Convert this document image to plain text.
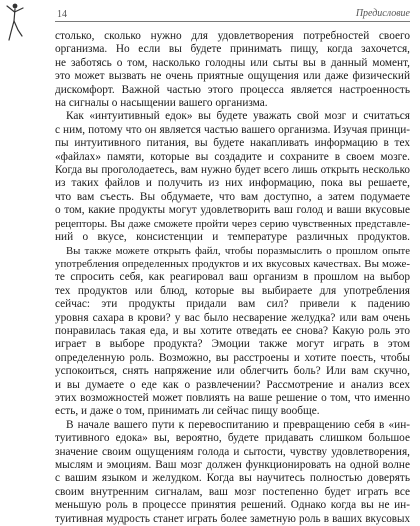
14	Предисловие

столько, сколько нужно для удовлетворения потребностей своего
организма. Но если вы будете принимать пищу, когда захочется,
не заботясь о том, насколько голодны или сыты вы в данный момент,
это может вызвать не очень приятные ощущения или даже физический
дискомфорт. Важной частью этого процесса является настроенность
на сигналы о насыщении вашего организма.

Как «интуитивный едок» вы будете уважать свой мозг и считаться
с ним, потому что он является частью вашего организма. Изучая принци-
пы интуитивного питания, вы будете накапливать информацию в тех
«файлах» памяти, которые вы создадите и сохраните в своем мозге.
Когда вы проголодаетесь, вам нужно будет всего лишь открыть несколько
из таких файлов и получить из них информацию, пока вы решаете,
что вам съесть. Вы обдумаете, что вам доступно, а затем подумаете
о том, какие продукты могут удовлетворить ваш голод и ваши вкусовые
рецепторы. Вы даже сможете пройти через серию чувственных представле-
ний о вкусе, консистенции и температуре различных продуктов.
Вы также можете открыть файл, чтобы поразмыслить о прошлом опыте
употребления определенных продуктов и их вкусовых качествах. Вы може-
те спросить себя, как реагировал ваш организм в прошлом на выбор
тех продуктов или блюд, которые вы выбираете для употребления
сейчас: эти продукты придали вам сил? привели к падению
уровня сахара в крови? у вас было несварение желудка? или вам очень
понравилась такая еда, и вы хотите отведать ее снова? Какую роль это
играет в выборе продукта? Эмоции также могут играть в этом
определенную роль. Возможно, вы расстроены и хотите поесть, чтобы
успокоиться, снять напряжение или облегчить боль? Или вам скучно,
и вы думаете о еде как о развлечении? Рассмотрение и анализ всех
этих возможностей может повлиять на ваше решение о том, что именно
есть, и даже о том, принимать ли сейчас пищу вообще.

В начале вашего пути к перевоспитанию и превращению себя в «ин-
туитивного едока» вы, вероятно, будете придавать слишком большое
значение своим ощущениям голода и сытости, чувству удовлетворения,
мыслям и эмоциям. Ваш мозг должен функционировать на одной волне
с вашим языком и желудком. Когда вы научитесь полностью доверять
своим внутренним сигналам, ваш мозг постепенно будет играть все
меньшую роль в процессе принятия решений. Однако когда вы не ин-
туитивная мудрость станет играть более заметную роль в ваших вкусовых
